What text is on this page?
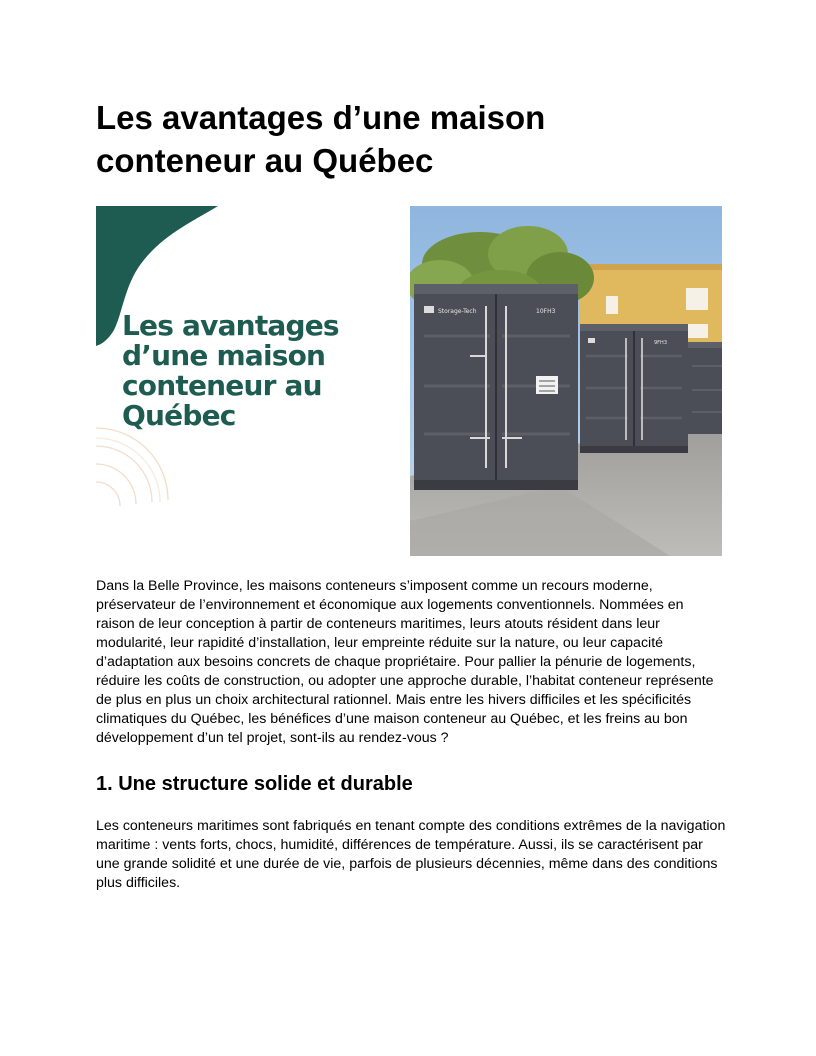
Les avantages d’une maison
conteneur au Québec
Les avantages
d’une maison
conteneur au
Québec
Storage-Tech	10FH3
9FH3

Dans la Belle Province, les maisons conteneurs s’imposent comme un recours moderne, préservateur de l’environnement et économique aux logements conventionnels. Nommées en raison de leur conception à partir de conteneurs maritimes, leurs atouts résident dans leur modularité, leur rapidité d’installation, leur empreinte réduite sur la nature, ou leur capacité d’adaptation aux besoins concrets de chaque propriétaire. Pour pallier la pénurie de logements, réduire les coûts de construction, ou adopter une approche durable, l’habitat conteneur représente de plus en plus un choix architectural rationnel. Mais entre les hivers difficiles et les spécificités climatiques du Québec, les bénéfices d’une maison conteneur au Québec, et les freins au bon développement d’un tel projet, sont-ils au rendez-vous ?

1. Une structure solide et durable

Les conteneurs maritimes sont fabriqués en tenant compte des conditions extrêmes de la navigation maritime : vents forts, chocs, humidité, différences de température. Aussi, ils se caractérisent par une grande solidité et une durée de vie, parfois de plusieurs décennies, même dans des conditions plus difficiles.
